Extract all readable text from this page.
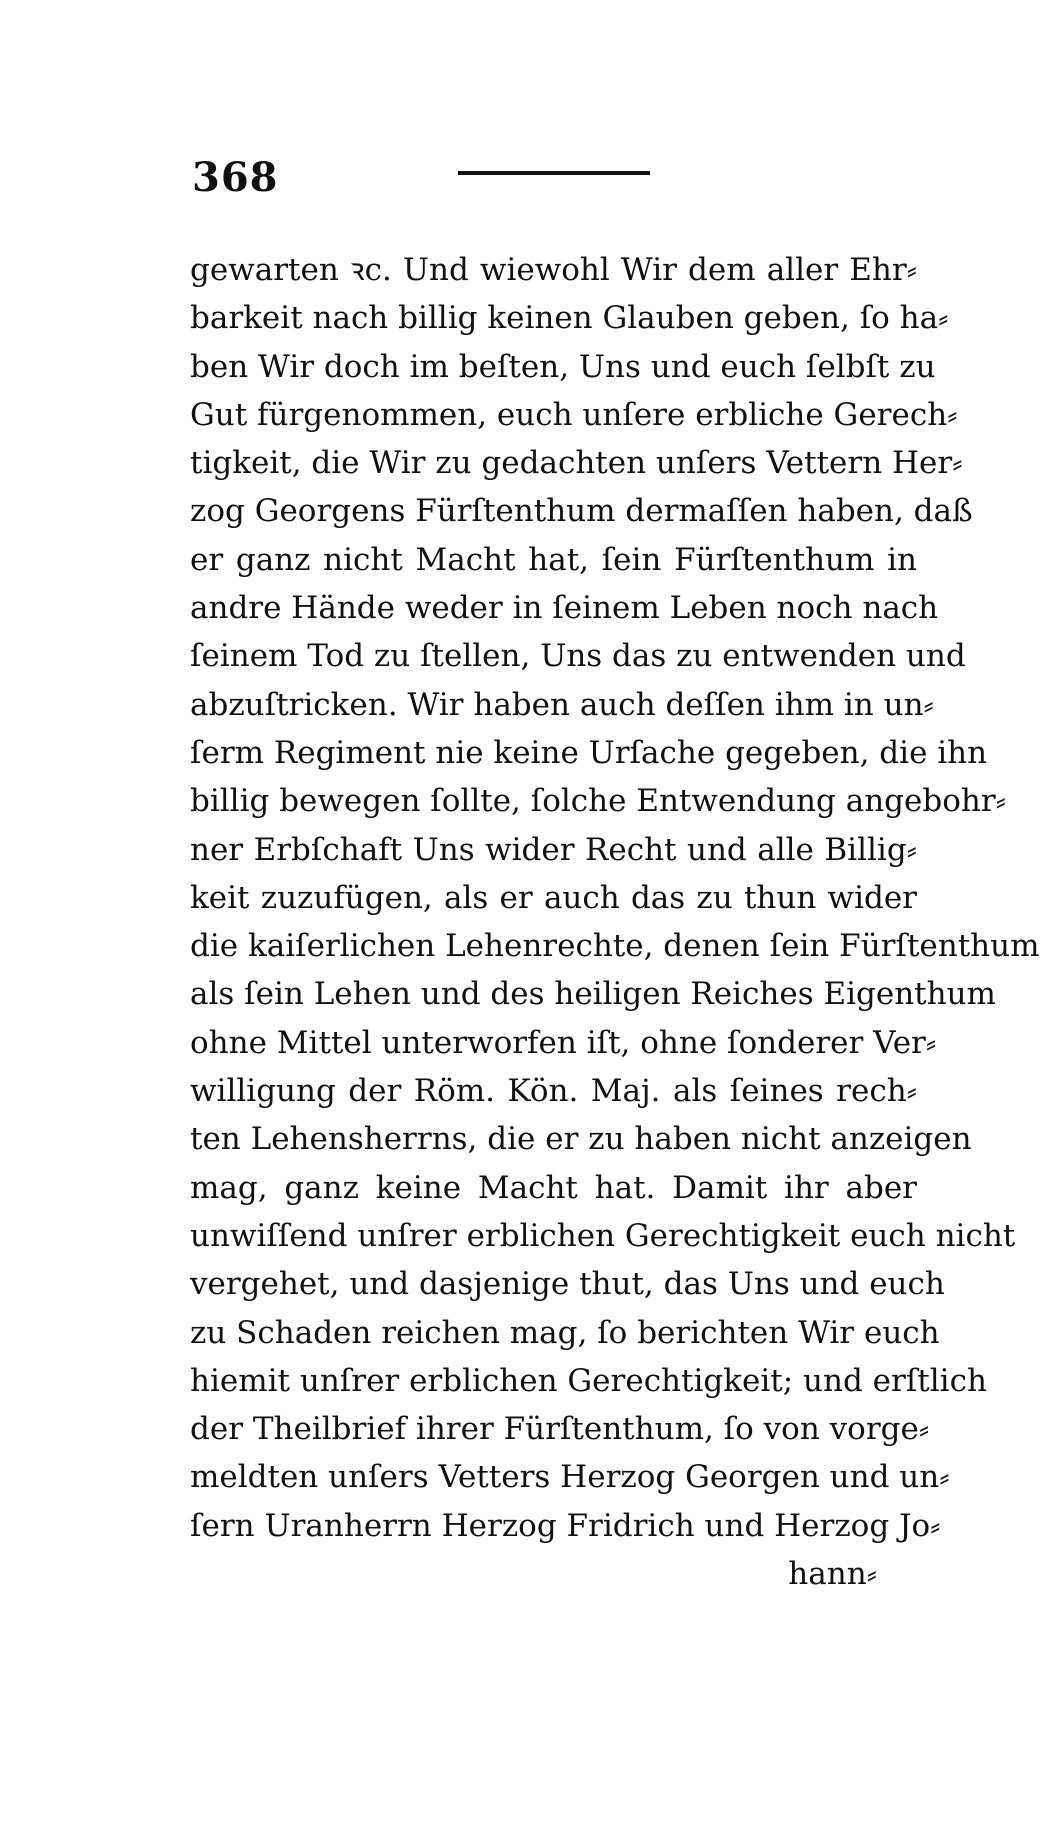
368
gewarten ꝛc. Und wiewohl Wir dem aller Ehr⸗
barkeit nach billig keinen Glauben geben, ſo ha⸗
ben Wir doch im beſten, Uns und euch ſelbſt zu
Gut fürgenommen, euch unſere erbliche Gerech⸗
tigkeit, die Wir zu gedachten unſers Vettern Her⸗
zog Georgens Fürſtenthum dermaſſen haben, daß
er ganz nicht Macht hat, ſein Fürſtenthum in
andre Hände weder in ſeinem Leben noch nach
ſeinem Tod zu ſtellen, Uns das zu entwenden und
abzuſtricken. Wir haben auch deſſen ihm in un⸗
ſerm Regiment nie keine Urſache gegeben, die ihn
billig bewegen ſollte, ſolche Entwendung angebohr⸗
ner Erbſchaft Uns wider Recht und alle Billig⸗
keit zuzufügen, als er auch das zu thun wider
die kaiſerlichen Lehenrechte, denen ſein Fürſtenthum
als ſein Lehen und des heiligen Reiches Eigenthum
ohne Mittel unterworfen iſt, ohne ſonderer Ver⸗
willigung der Röm. Kön. Maj. als ſeines rech⸗
ten Lehensherrns, die er zu haben nicht anzeigen
mag, ganz keine Macht hat. Damit ihr aber
unwiſſend unſrer erblichen Gerechtigkeit euch nicht
vergehet, und dasjenige thut, das Uns und euch
zu Schaden reichen mag, ſo berichten Wir euch
hiemit unſrer erblichen Gerechtigkeit; und erſtlich
der Theilbrief ihrer Fürſtenthum, ſo von vorge⸗
meldten unſers Vetters Herzog Georgen und un⸗
ſern Uranherrn Herzog Fridrich und Herzog Jo⸗
hann⸗
